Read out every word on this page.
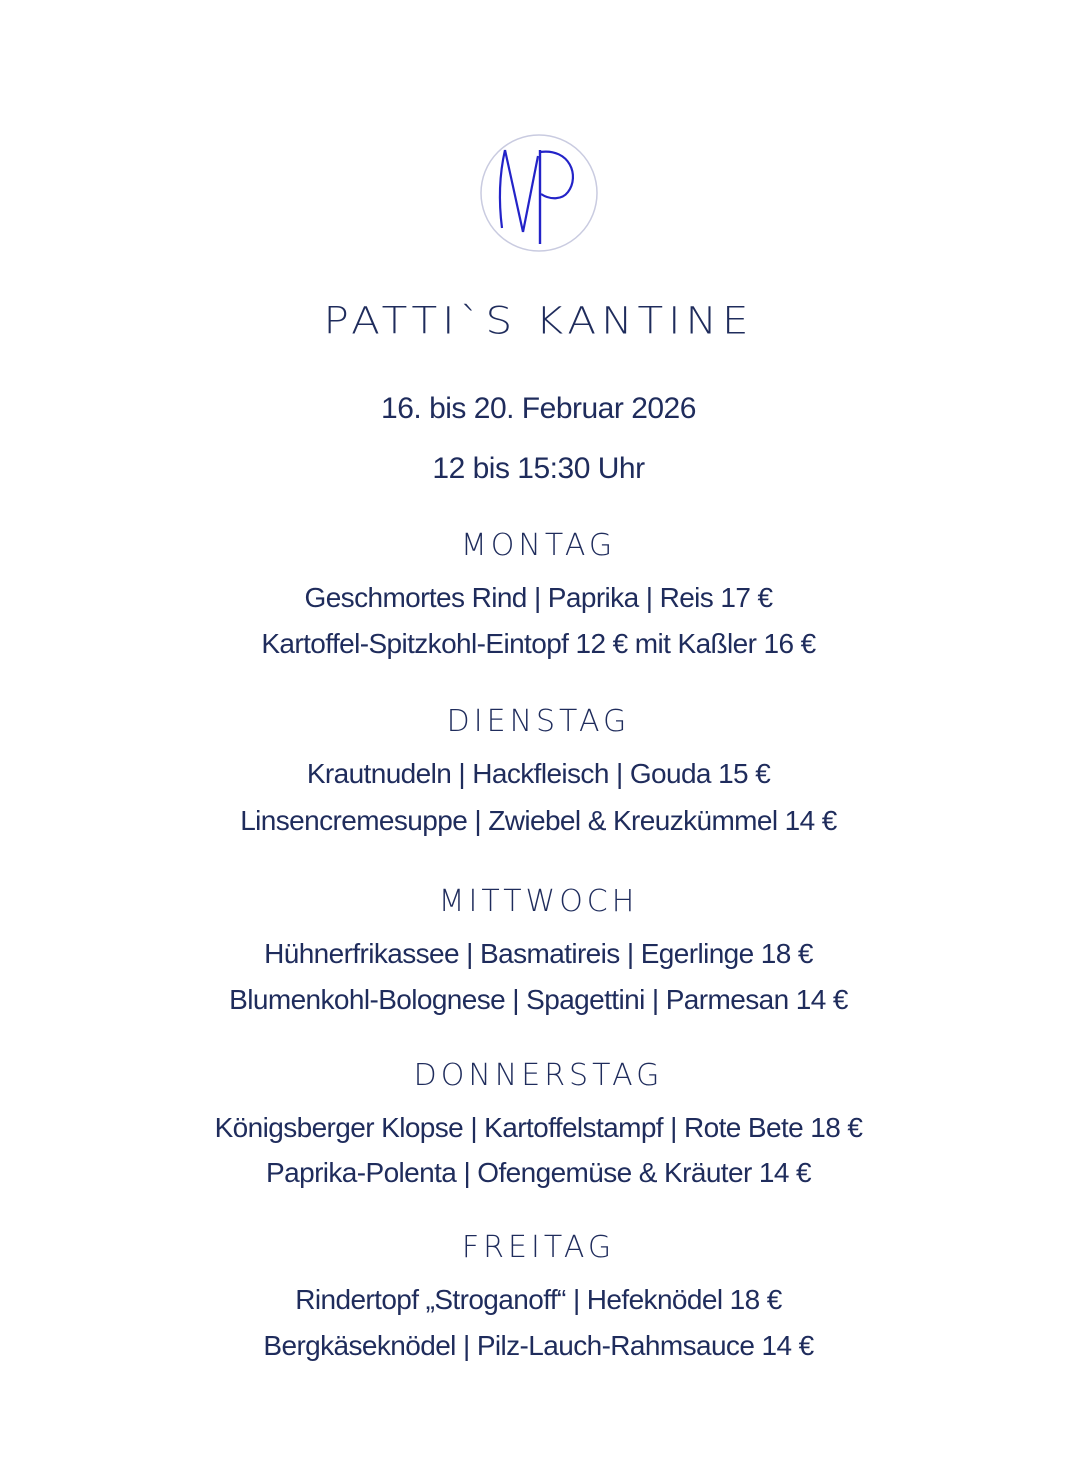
PATTI`S KANTINE
16. bis 20. Februar 2026
12 bis 15:30 Uhr
MONTAG
Geschmortes Rind | Paprika | Reis 17 €
Kartoffel-Spitzkohl-Eintopf 12 € mit Kaßler 16 €
DIENSTAG
Krautnudeln | Hackfleisch | Gouda 15 €
Linsencremesuppe | Zwiebel & Kreuzkümmel 14 €
MITTWOCH
Hühnerfrikassee | Basmatireis | Egerlinge 18 €
Blumenkohl-Bolognese | Spagettini | Parmesan 14 €
DONNERSTAG
Königsberger Klopse | Kartoffelstampf | Rote Bete 18 €
Paprika-Polenta | Ofengemüse & Kräuter 14 €
FREITAG
Rindertopf „Stroganoff“ | Hefeknödel 18 €
Bergkäseknödel | Pilz-Lauch-Rahmsauce 14 €
